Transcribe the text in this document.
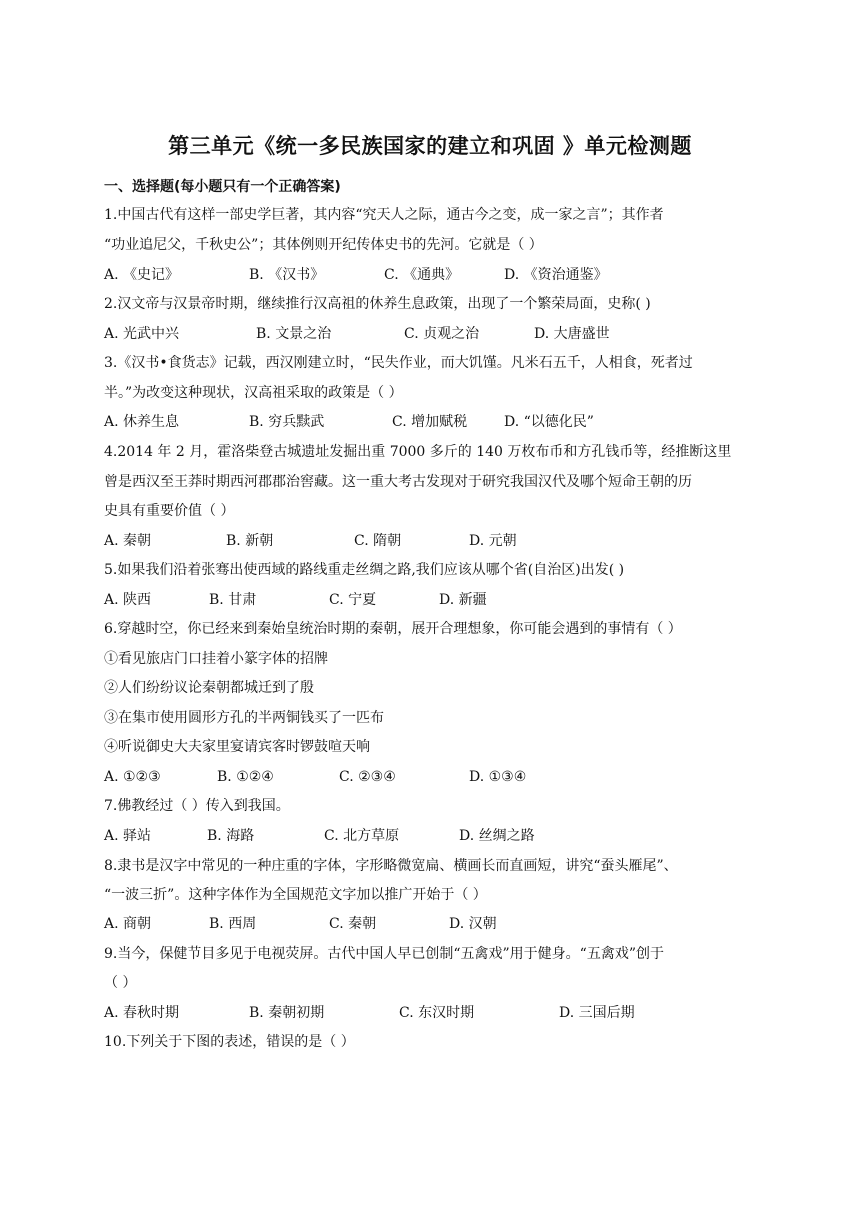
第三单元《统一多民族国家的建立和巩固 》单元检测题
一、选择题(每小题只有一个正确答案)
1.中国古代有这样一部史学巨著，其内容“究天人之际，通古今之变，成一家之言”；其作者
“功业追尼父，千秋史公”；其体例则开纪传体史书的先河。它就是（ ）
A. 《史记》	B. 《汉书》	C. 《通典》	D. 《资治通鉴》
2.汉文帝与汉景帝时期，继续推行汉高祖的休养生息政策，出现了一个繁荣局面，史称( )
A. 光武中兴	B. 文景之治	C. 贞观之治	D. 大唐盛世
3.《汉书•食货志》记载，西汉刚建立时，“民失作业，而大饥馑。凡米石五千，人相食，死者过
半。”为改变这种现状，汉高祖采取的政策是（ ）
A. 休养生息	B. 穷兵黩武	C. 增加赋税	D. “以德化民”
4.2014 年 2 月，霍洛柴登古城遗址发掘出重 7000 多斤的 140 万枚布币和方孔钱币等，经推断这里
曾是西汉至王莽时期西河郡郡治窖藏。这一重大考古发现对于研究我国汉代及哪个短命王朝的历
史具有重要价值（ ）
A. 秦朝	B. 新朝	C. 隋朝	D. 元朝
5.如果我们沿着张骞出使西域的路线重走丝绸之路,我们应该从哪个省(自治区)出发( )
A. 陕西	B. 甘肃	C. 宁夏	D. 新疆
6.穿越时空，你已经来到秦始皇统治时期的秦朝，展开合理想象，你可能会遇到的事情有（ ）
①看见旅店门口挂着小篆字体的招牌
②人们纷纷议论秦朝都城迁到了殷
③在集市使用圆形方孔的半两铜钱买了一匹布
④听说御史大夫家里宴请宾客时锣鼓喧天响
A. ①②③	B. ①②④	C. ②③④	D. ①③④
7.佛教经过（ ）传入到我国。
A. 驿站	B. 海路	C. 北方草原	D. 丝绸之路
8.隶书是汉字中常见的一种庄重的字体，字形略微宽扁、横画长而直画短，讲究“蚕头雁尾”、
“一波三折”。这种字体作为全国规范文字加以推广开始于（ ）
A. 商朝	B. 西周	C. 秦朝	D. 汉朝
9.当今，保健节目多见于电视荧屏。古代中国人早已创制“五禽戏”用于健身。“五禽戏”创于
（ ）
A. 春秋时期	B. 秦朝初期	C. 东汉时期	D. 三国后期
10.下列关于下图的表述，错误的是（ ）
